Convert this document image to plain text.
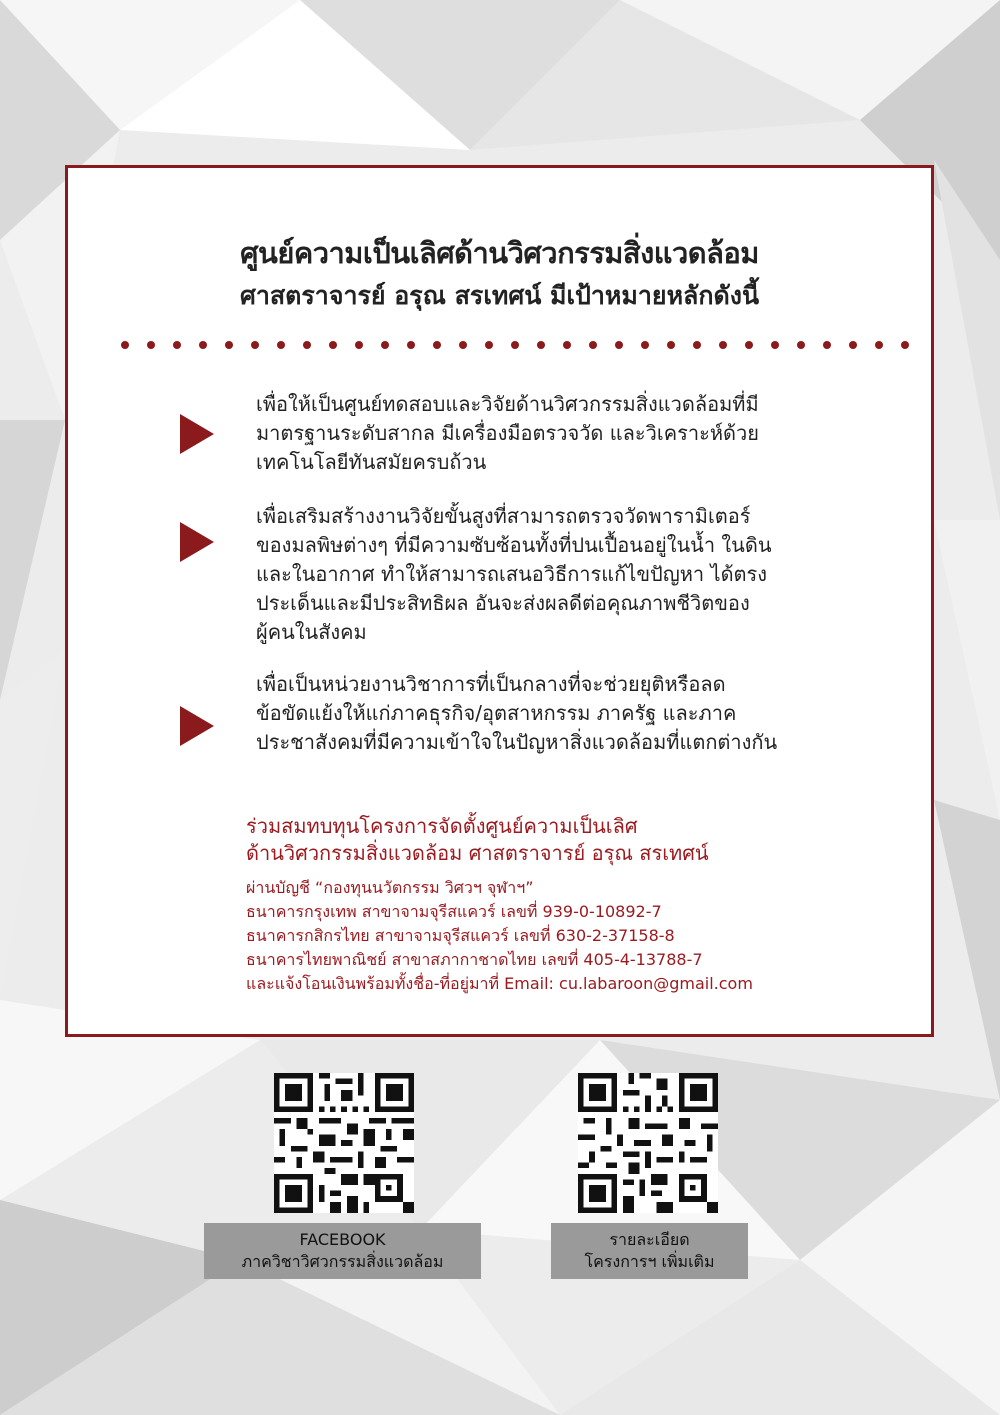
ศูนย์ความเป็นเลิศด้านวิศวกรรมสิ่งแวดล้อม
ศาสตราจารย์ อรุณ สรเทศน์ มีเป้าหมายหลักดังนี้
เพื่อให้เป็นศูนย์ทดสอบและวิจัยด้านวิศวกรรมสิ่งแวดล้อมที่มี
มาตรฐานระดับสากล มีเครื่องมือตรวจวัด และวิเคราะห์ด้วย
เทคโนโลยีทันสมัยครบถ้วน
เพื่อเสริมสร้างงานวิจัยขั้นสูงที่สามารถตรวจวัดพารามิเตอร์
ของมลพิษต่างๆ ที่มีความซับซ้อนทั้งที่ปนเปื้อนอยู่ในน้ำ ในดิน
และในอากาศ ทำให้สามารถเสนอวิธีการแก้ไขปัญหา ได้ตรง
ประเด็นและมีประสิทธิผล อันจะส่งผลดีต่อคุณภาพชีวิตของ
ผู้คนในสังคม
เพื่อเป็นหน่วยงานวิชาการที่เป็นกลางที่จะช่วยยุติหรือลด
ข้อขัดแย้งให้แก่ภาคธุรกิจ/อุตสาหกรรม ภาครัฐ และภาค
ประชาสังคมที่มีความเข้าใจในปัญหาสิ่งแวดล้อมที่แตกต่างกัน
ร่วมสมทบทุนโครงการจัดตั้งศูนย์ความเป็นเลิศ
ด้านวิศวกรรมสิ่งแวดล้อม ศาสตราจารย์ อรุณ สรเทศน์
ผ่านบัญชี “กองทุนนวัตกรรม วิศวฯ จุฬาฯ”
ธนาคารกรุงเทพ สาขาจามจุรีสแควร์ เลขที่ 939-0-10892-7
ธนาคารกสิกรไทย สาขาจามจุรีสแควร์ เลขที่ 630-2-37158-8
ธนาคารไทยพาณิชย์ สาขาสภากาชาดไทย เลขที่ 405-4-13788-7
และแจ้งโอนเงินพร้อมทั้งชื่อ-ที่อยู่มาที่ Email: cu.labaroon@gmail.com
FACEBOOK
ภาควิชาวิศวกรรมสิ่งแวดล้อม
รายละเอียด
โครงการฯ เพิ่มเติม
